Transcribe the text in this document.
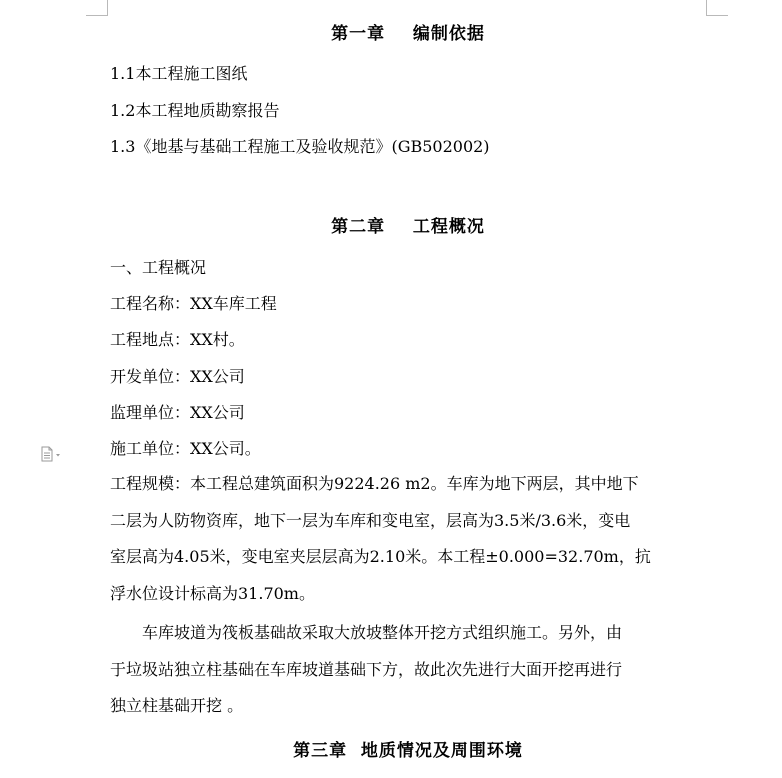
第一章    编制依据
1.1本工程施工图纸
1.2本工程地质勘察报告
1.3《地基与基础工程施工及验收规范》(GB502002)
第二章    工程概况
一、工程概况
工程名称：XX车库工程
工程地点：XX村。
开发单位：XX公司
监理单位：XX公司
施工单位：XX公司。
工程规模：本工程总建筑面积为9224.26 m2。车库为地下两层，其中地下
二层为人防物资库，地下一层为车库和变电室，层高为3.5米/3.6米，变电
室层高为4.05米，变电室夹层层高为2.10米。本工程±0.000=32.70m，抗
浮水位设计标高为31.70m。
车库坡道为筏板基础故采取大放坡整体开挖方式组织施工。另外，由
于垃圾站独立柱基础在车库坡道基础下方，故此次先进行大面开挖再进行
独立柱基础开挖 。
第三章  地质情况及周围环境
